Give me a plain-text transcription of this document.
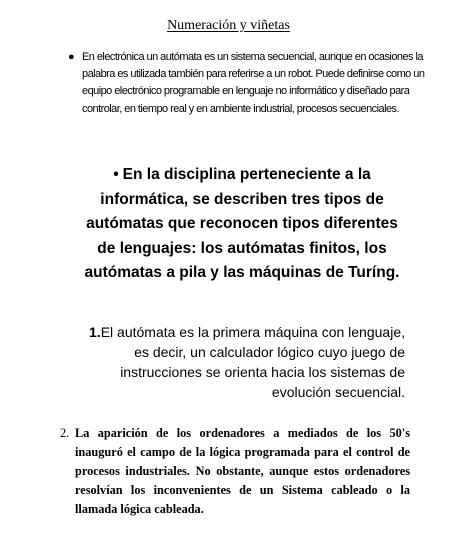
Numeración y viñetas
● En electrónica un autómata es un sistema secuencial, aunque en ocasiones la palabra es utilizada también para referirse a un robot. Puede definirse como un equipo electrónico programable en lenguaje no informático y diseñado para controlar, en tiempo real y en ambiente industrial, procesos secuenciales.
• En la disciplina perteneciente a la informática, se describen tres tipos de autómatas que reconocen tipos diferentes de lenguajes: los autómatas finitos, los autómatas a pila y las máquinas de Turíng.
1.El autómata es la primera máquina con lenguaje, es decir, un calculador lógico cuyo juego de instrucciones se orienta hacia los sistemas de evolución secuencial.
2. La aparición de los ordenadores a mediados de los 50's inauguró el campo de la lógica programada para el control de procesos industriales. No obstante, aunque estos ordenadores resolvían los inconvenientes de un Sistema cableado o la llamada lógica cableada.
